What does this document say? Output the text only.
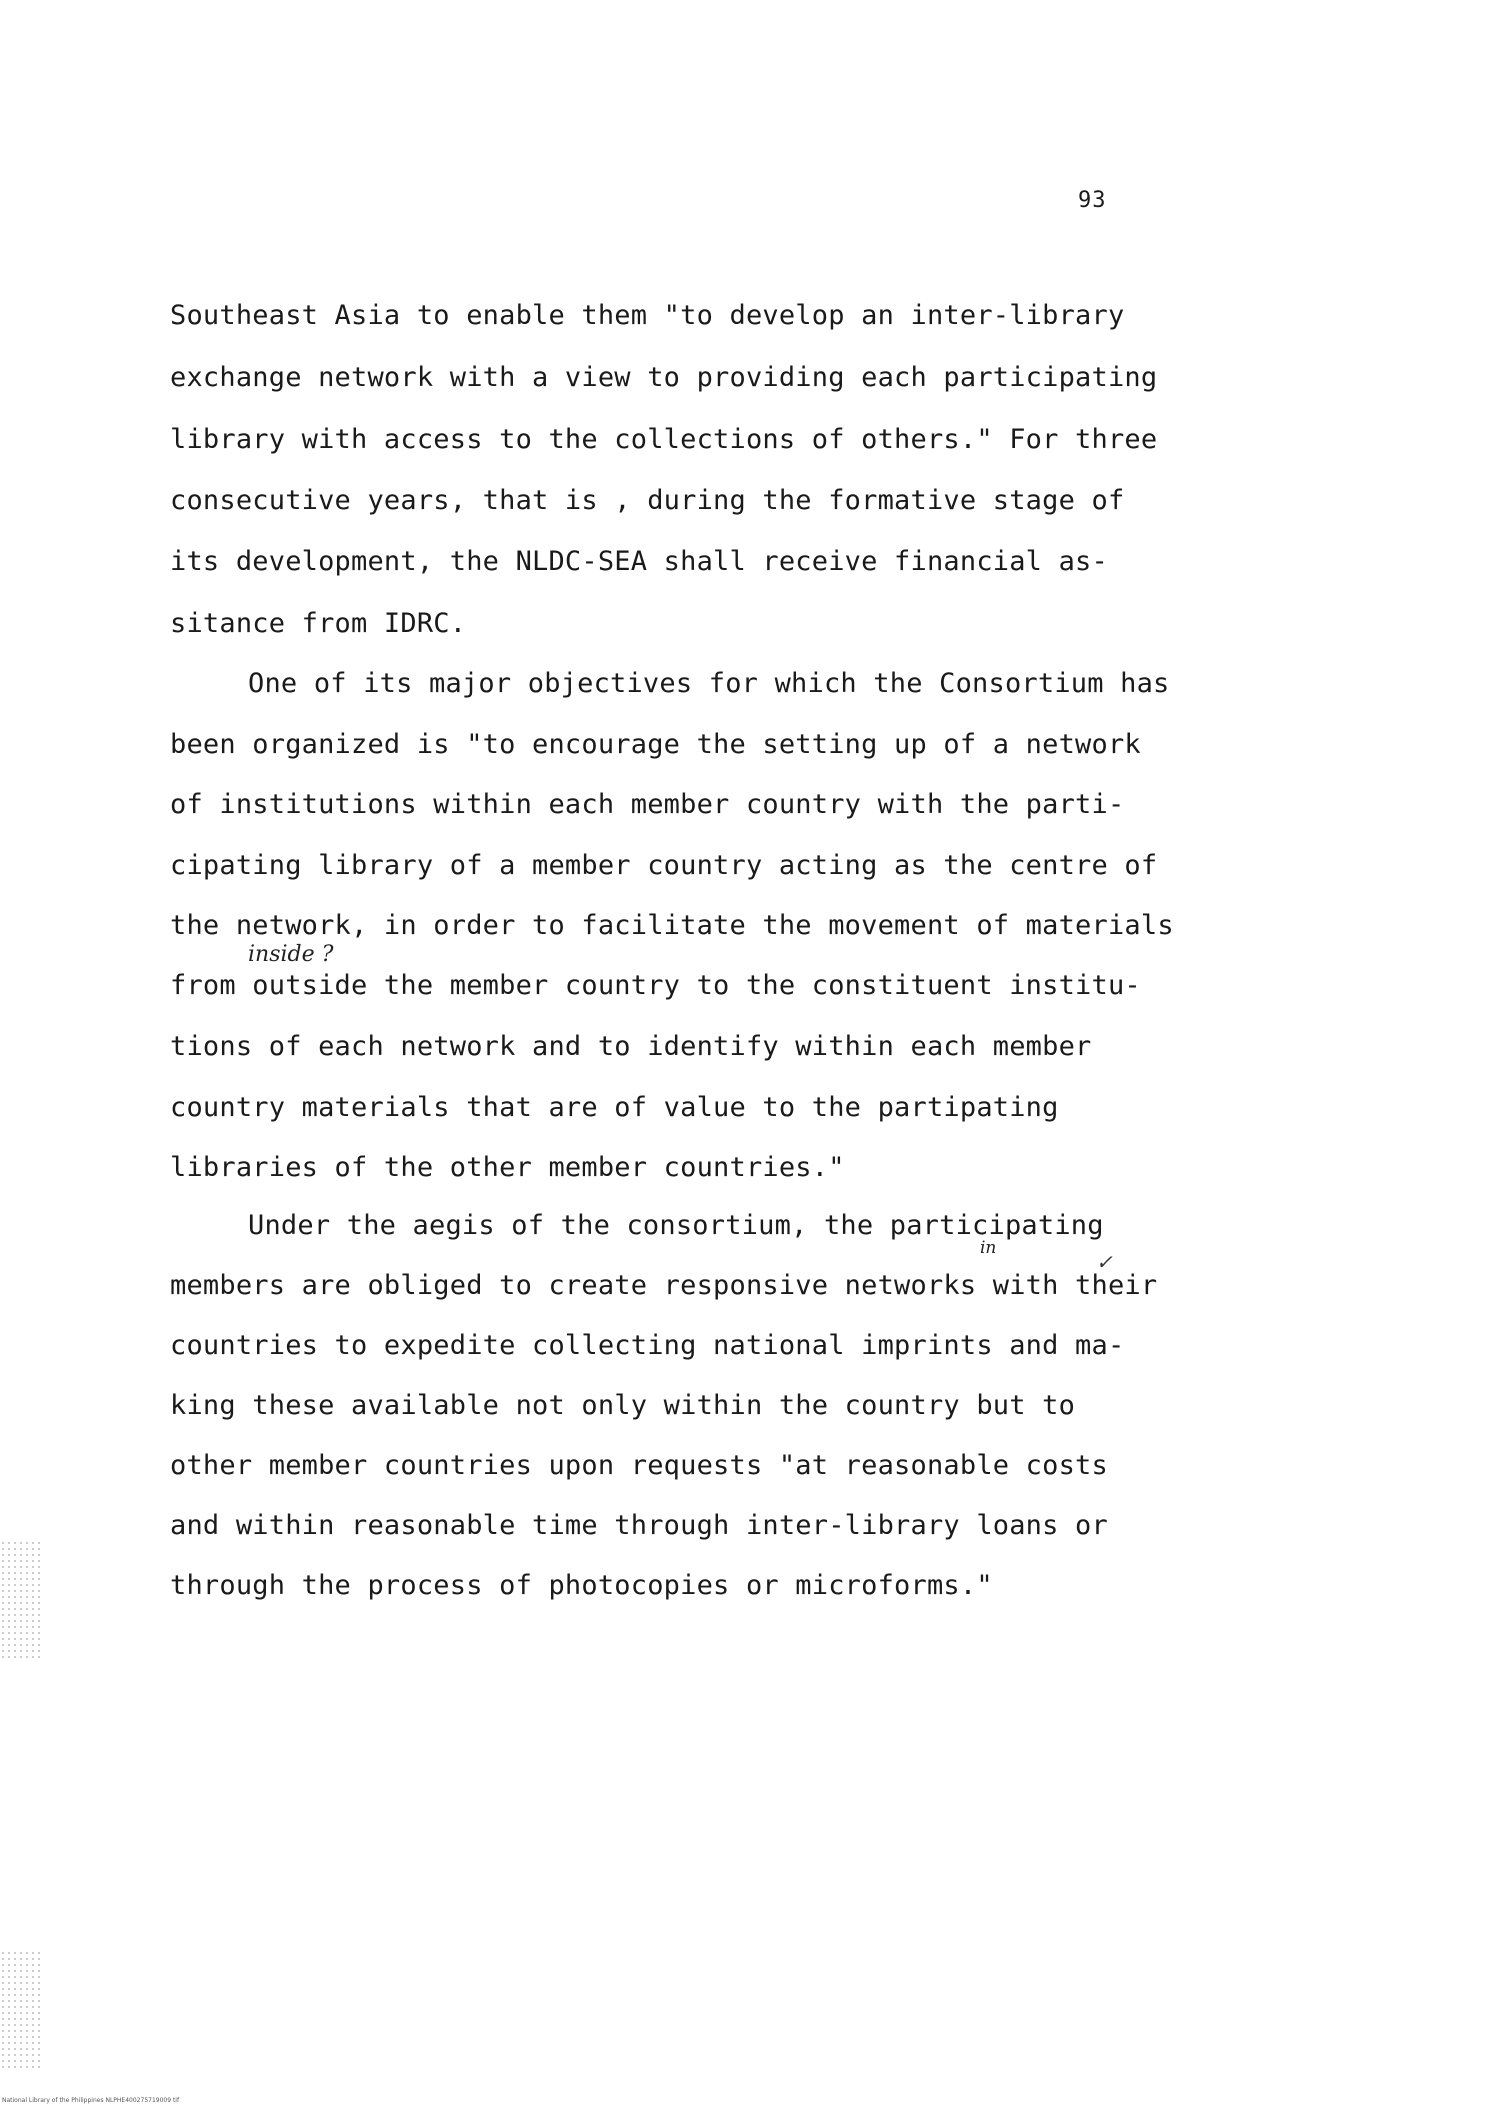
93
Southeast Asia to enable them "to develop an inter-library
exchange network with a view to providing each participating
library with access to the collections of others." For three
consecutive years, that is , during the formative stage of
its development, the NLDC-SEA shall receive financial as-
sitance from IDRC.
One of its major objectives for which the Consortium has
been organized is "to encourage the setting up of a network
of institutions within each member country with the parti-
cipating library of a member country acting as the centre of
the network, in order to facilitate the movement of materials
inside ?
from outside the member country to the constituent institu-
tions of each network and to identify within each member
country materials that are of value to the partipating
libraries of the other member countries."
Under the aegis of the consortium, the participating
in
✓
members are obliged to create responsive networks with their
countries to expedite collecting national imprints and ma-
king these available not only within the country but to
other member countries upon requests "at reasonable costs
and within reasonable time through inter-library loans or
through the process of photocopies or microforms."
National Library of the Philippines NLPHE400275719009 tif
